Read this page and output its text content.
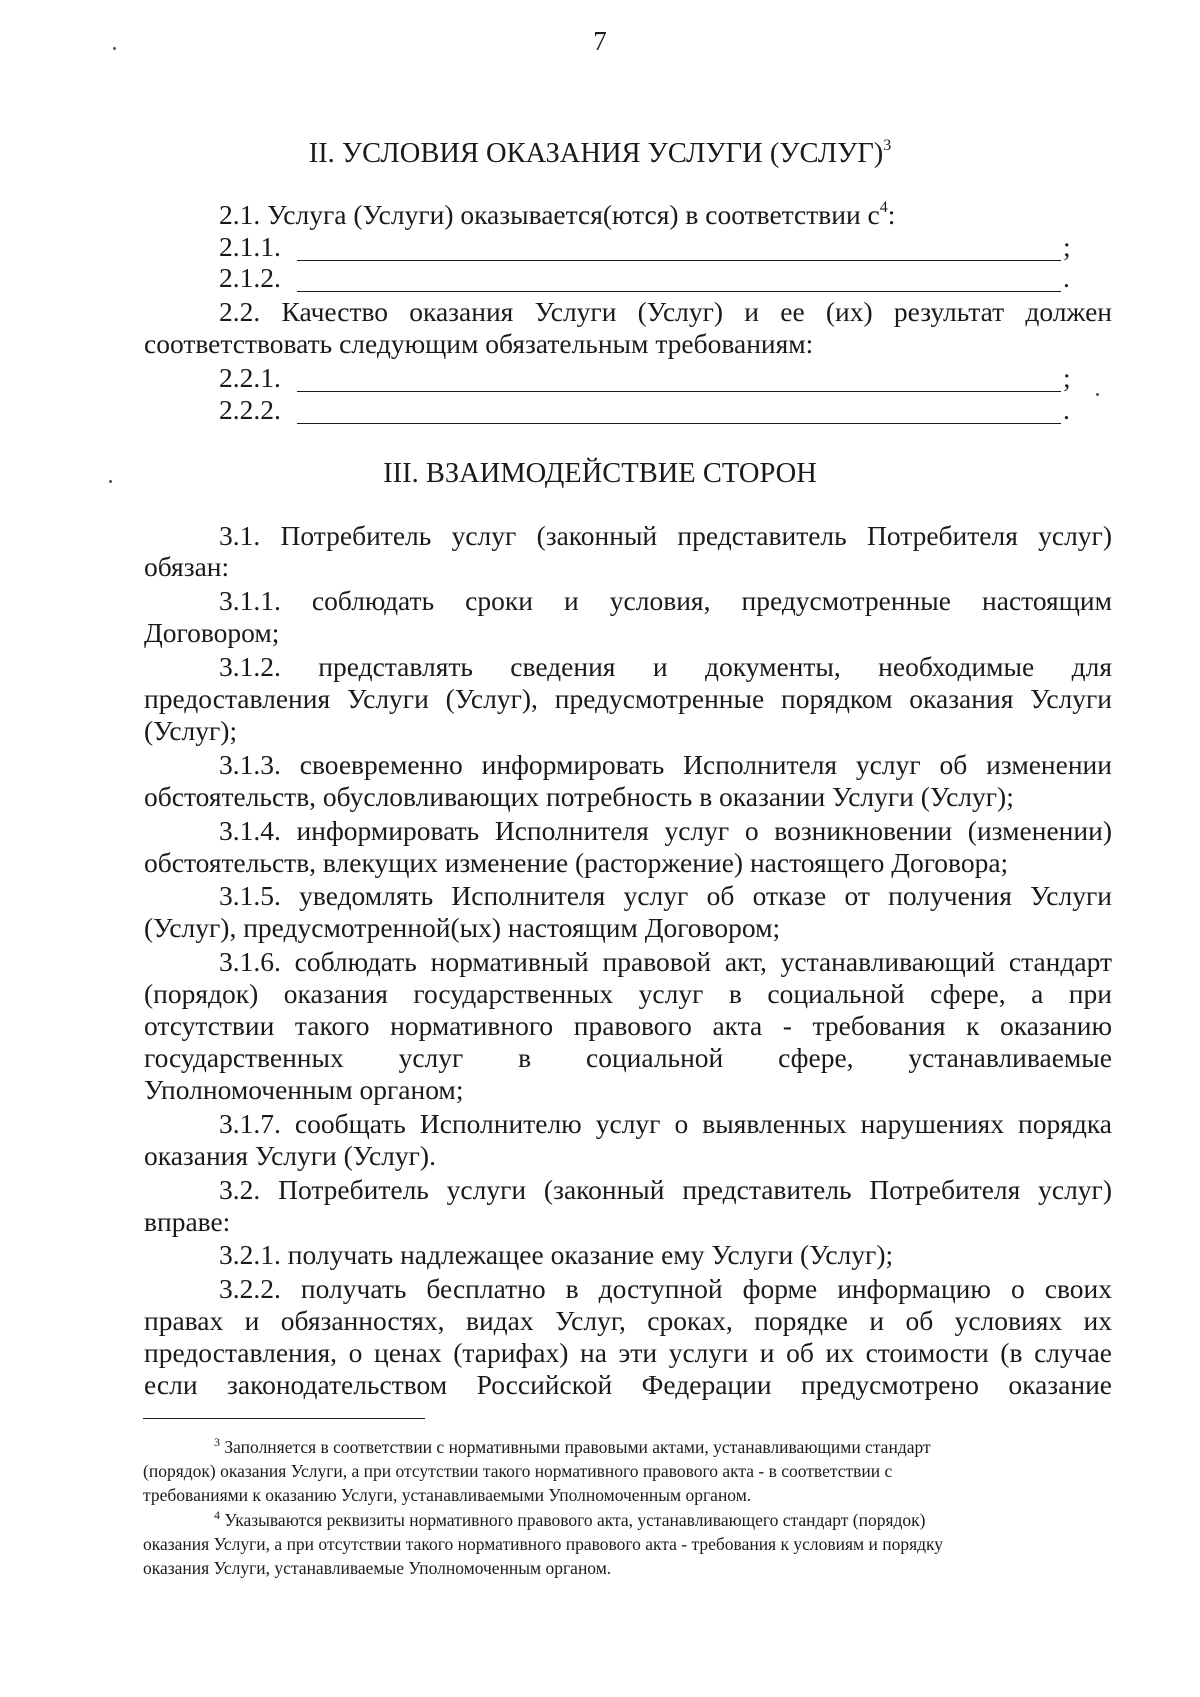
7
II. УСЛОВИЯ ОКАЗАНИЯ УСЛУГИ (УСЛУГ)$^3$
2.1. Услуга (Услуги) оказывается(ются) в соответствии $с^4$:
2.1.1.	;
2.1.2.	.
2.2. Качество оказания Услуги (Услуг) и ее (их) результат должен
соответствовать следующим обязательным требованиям:
2.2.1.	;
2.2.2.	.
III. ВЗАИМОДЕЙСТВИЕ СТОРОН
3.1. Потребитель услуг (законный представитель Потребителя услуг)
обязан:
3.1.1. соблюдать сроки и условия, предусмотренные настоящим
Договором;
3.1.2. представлять сведения и документы, необходимые для
предоставления Услуги (Услуг), предусмотренные порядком оказания Услуги
(Услуг);
3.1.3. своевременно информировать Исполнителя услуг об изменении
обстоятельств, обусловливающих потребность в оказании Услуги (Услуг);
3.1.4. информировать Исполнителя услуг о возникновении (изменении)
обстоятельств, влекущих изменение (расторжение) настоящего Договора;
3.1.5. уведомлять Исполнителя услуг об отказе от получения Услуги
(Услуг), предусмотренной(ых) настоящим Договором;
3.1.6. соблюдать нормативный правовой акт, устанавливающий стандарт
(порядок) оказания государственных услуг в социальной сфере, а при
отсутствии такого нормативного правового акта - требования к оказанию
государственных услуг в социальной сфере, устанавливаемые
Уполномоченным органом;
3.1.7. сообщать Исполнителю услуг о выявленных нарушениях порядка
оказания Услуги (Услуг).
3.2. Потребитель услуги (законный представитель Потребителя услуг)
вправе:
3.2.1. получать надлежащее оказание ему Услуги (Услуг);
3.2.2. получать бесплатно в доступной форме информацию о своих
правах и обязанностях, видах Услуг, сроках, порядке и об условиях их
предоставления, о ценах (тарифах) на эти услуги и об их стоимости (в случае
если законодательством Российской Федерации предусмотрено оказание
$^3$ Заполняется в соответствии с нормативными правовыми актами, устанавливающими стандарт
(порядок) оказания Услуги, а при отсутствии такого нормативного правового акта - в соответствии с
требованиями к оказанию Услуги, устанавливаемыми Уполномоченным органом.
$^4$ Указываются реквизиты нормативного правового акта, устанавливающего стандарт (порядок)
оказания Услуги, а при отсутствии такого нормативного правового акта - требования к условиям и порядку
оказания Услуги, устанавливаемые Уполномоченным органом.
